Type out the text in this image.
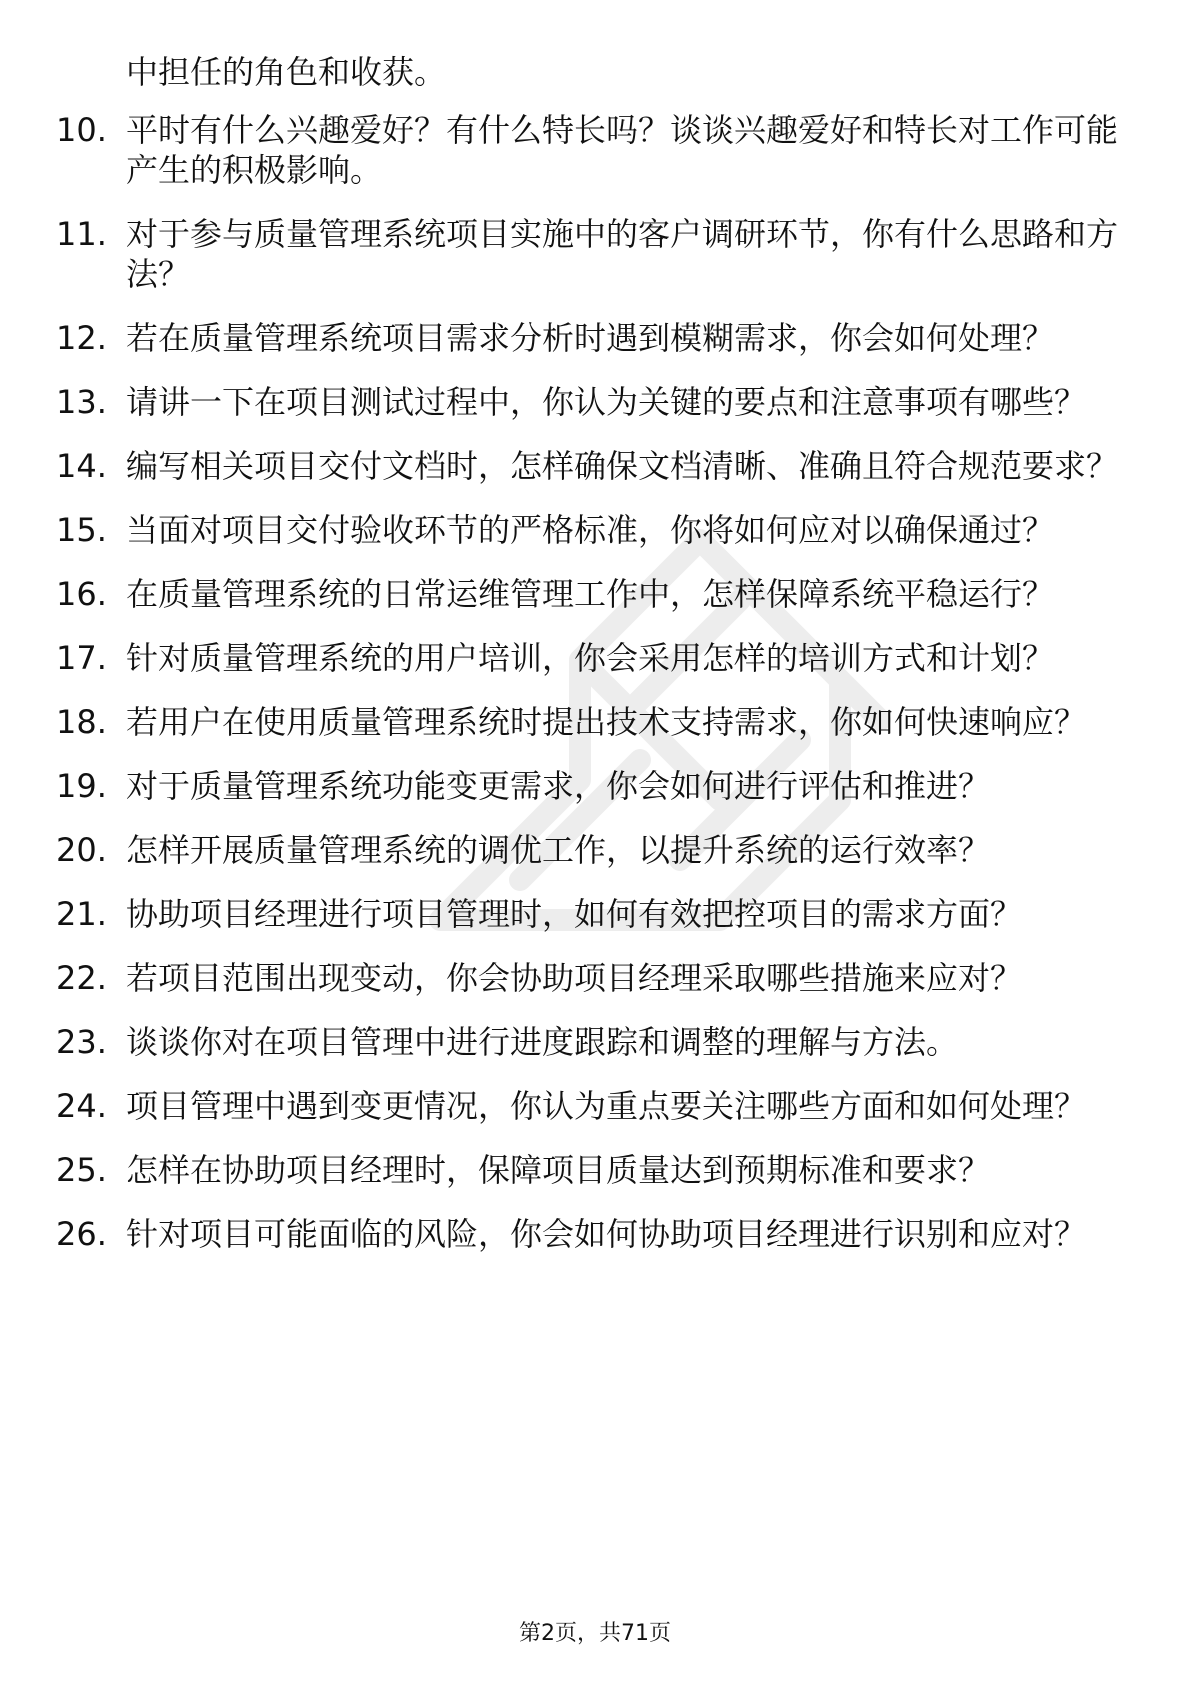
中担任的角色和收获。
10. 平时有什么兴趣爱好？有什么特长吗？谈谈兴趣爱好和特长对工作可能产生的积极影响。
11. 对于参与质量管理系统项目实施中的客户调研环节，你有什么思路和方法？
12. 若在质量管理系统项目需求分析时遇到模糊需求，你会如何处理？
13. 请讲一下在项目测试过程中，你认为关键的要点和注意事项有哪些？
14. 编写相关项目交付文档时，怎样确保文档清晰、准确且符合规范要求？
15. 当面对项目交付验收环节的严格标准，你将如何应对以确保通过？
16. 在质量管理系统的日常运维管理工作中，怎样保障系统平稳运行？
17. 针对质量管理系统的用户培训，你会采用怎样的培训方式和计划？
18. 若用户在使用质量管理系统时提出技术支持需求，你如何快速响应？
19. 对于质量管理系统功能变更需求，你会如何进行评估和推进？
20. 怎样开展质量管理系统的调优工作，以提升系统的运行效率？
21. 协助项目经理进行项目管理时，如何有效把控项目的需求方面？
22. 若项目范围出现变动，你会协助项目经理采取哪些措施来应对？
23. 谈谈你对在项目管理中进行进度跟踪和调整的理解与方法。
24. 项目管理中遇到变更情况，你认为重点要关注哪些方面和如何处理？
25. 怎样在协助项目经理时，保障项目质量达到预期标准和要求？
26. 针对项目可能面临的风险，你会如何协助项目经理进行识别和应对？
第2页，共71页
